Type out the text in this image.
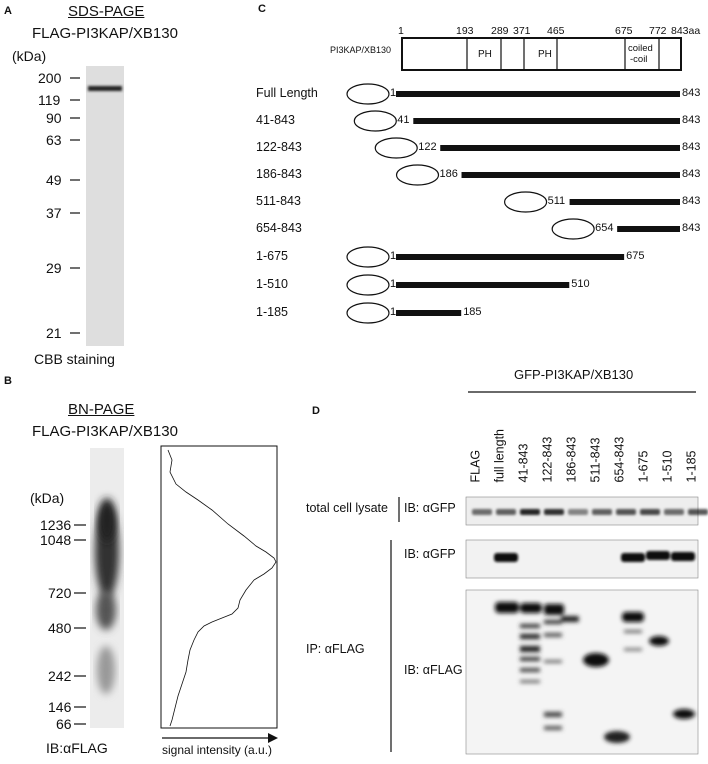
A	SDS-PAGE
FLAG-PI3KAP/XB130
(kDa)
200
119
90
63
49
37
29
21
CBB staining
B
BN-PAGE
FLAG-PI3KAP/XB130
(kDa)
1236
1048
720
480
242
146
66
IB:αFLAG	signal intensity (a.u.)
C
PI3KAP/XB130
1	193 289 371 465	675 772 843aa
PH	PH
coiled
-coil
Full Length	1	843
41-843	41	843
122-843	122	843
186-843	186	843
511-843	511	843
654-843	654	843
1-675	1	675
1-510	1	510
1-185	1	185
D
GFP-PI3KAP/XB130
FLAG full length 41-843 122-843 186-843 511-843 654-843 1-675 1-510 1-185
total cell lysate IB: αGFP
IB: αGFP
IP: αFLAG
IB: αFLAG
